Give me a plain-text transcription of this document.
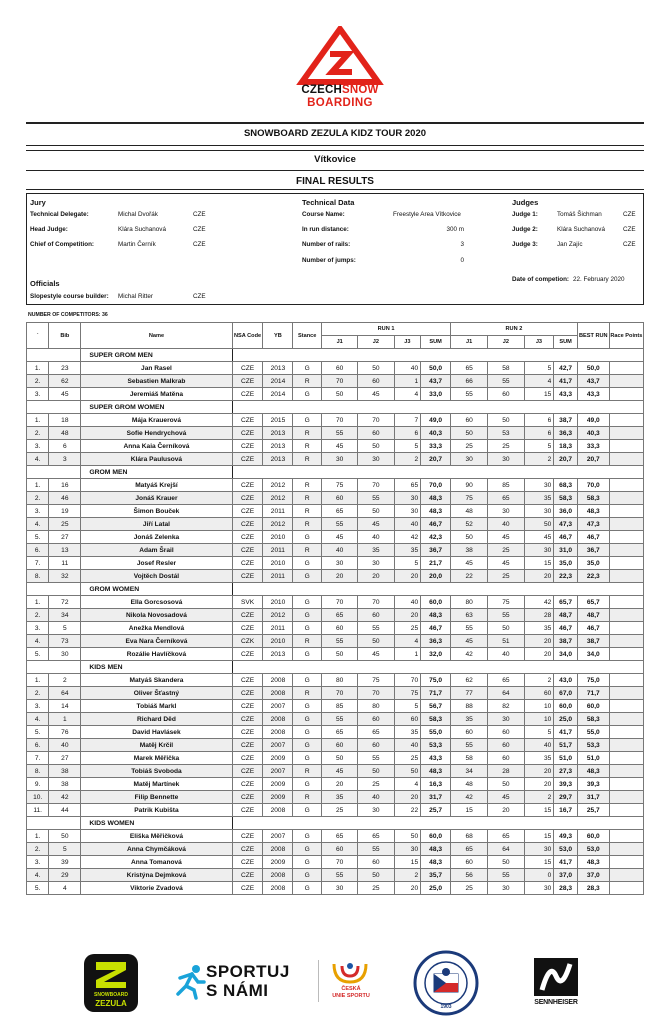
CZECHSNOW
BOARDING
SNOWBOARD ZEZULA KIDZ TOUR 2020
Vítkovice
FINAL RESULTS
Jury
Technical Delegate:	Michal Dvořák	CZE
Head Judge:	Klára Suchanová	CZE
Chief of Competition:	Martin Černík	CZE
Technical Data
Course Name:	Freestyle Area Vítkovice
In run distance:	300 m
Number of rails:	3
Number of jumps:	0
Judges
Judge 1:	Tomáš Šichman	CZE
Judge 2:	Klára Suchanová	CZE
Judge 3:	Jan Zajíc	CZE
Date of competion: 22. February 2020
Officials
Slopestyle course builder: Michal Ritter	CZE
NUMBER OF COMPETITORS: 36
`	Bib	Name	NSA Code	YB	Stance	RUN 1				RUN 2				BEST RUN	Race Points
						J1	J2	J3	SUM	J1	J2	J3	SUM		
		SUPER GROM MEN													
1.	23	Jan Rasel	CZE	2013	G	60	50	40	50,0	65	58	5	42,7	50,0	
2.	62	Sebastien Malkrab	CZE	2014	R	70	60	1	43,7	66	55	4	41,7	43,7	
3.	45	Jeremiáš Matěna	CZE	2014	G	50	45	4	33,0	55	60	15	43,3	43,3	
		SUPER GROM WOMEN													
1.	18	Mája Krauerová	CZE	2015	G	70	70	7	49,0	60	50	6	38,7	49,0	
2.	48	Sofie Hendrychová	CZE	2013	R	55	60	6	40,3	50	53	6	36,3	40,3	
3.	6	Anna Kaia Černíková	CZE	2013	R	45	50	5	33,3	25	25	5	18,3	33,3	
4.	3	Klára Paulusová	CZE	2013	R	30	30	2	20,7	30	30	2	20,7	20,7	
		GROM MEN													
1.	16	Matyáš Krejší	CZE	2012	R	75	70	65	70,0	90	85	30	68,3	70,0	
2.	46	Jonáš Krauer	CZE	2012	R	60	55	30	48,3	75	65	35	58,3	58,3	
3.	19	Šimon Bouček	CZE	2011	R	65	50	30	48,3	48	30	30	36,0	48,3	
4.	25	Jiří Latal	CZE	2012	R	55	45	40	46,7	52	40	50	47,3	47,3	
5.	27	Jonáš Zelenka	CZE	2010	G	45	40	42	42,3	50	45	45	46,7	46,7	
6.	13	Adam Šrail	CZE	2011	R	40	35	35	36,7	38	25	30	31,0	36,7	
7.	11	Josef Resler	CZE	2010	G	30	30	5	21,7	45	45	15	35,0	35,0	
8.	32	Vojtěch Dostál	CZE	2011	G	20	20	20	20,0	22	25	20	22,3	22,3	
		GROM WOMEN													
1.	72	Ella Gorcsosová	SVK	2010	G	70	70	40	60,0	80	75	42	65,7	65,7	
2.	34	Nikola Novosadová	CZE	2012	G	65	60	20	48,3	63	55	28	48,7	48,7	
3.	5	Anežka Mendlová	CZE	2011	G	60	55	25	46,7	55	50	35	46,7	46,7	
4.	73	Eva Nara Černíková	CZK	2010	R	55	50	4	36,3	45	51	20	38,7	38,7	
5.	30	Rozálie Havlíčková	CZE	2013	G	50	45	1	32,0	42	40	20	34,0	34,0	
		KIDS MEN													
1.	2	Matyáš Skandera	CZE	2008	G	80	75	70	75,0	62	65	2	43,0	75,0	
2.	64	Oliver Šťastný	CZE	2008	R	70	70	75	71,7	77	64	60	67,0	71,7	
3.	14	Tobiáš Markl	CZE	2007	G	85	80	5	56,7	88	82	10	60,0	60,0	
4.	1	Richard Děd	CZE	2008	G	55	60	60	58,3	35	30	10	25,0	58,3	
5.	76	David Havlásek	CZE	2008	G	65	65	35	55,0	60	60	5	41,7	55,0	
6.	40	Matěj Krčil	CZE	2007	G	60	60	40	53,3	55	60	40	51,7	53,3	
7.	27	Marek Měřička	CZE	2009	G	50	55	25	43,3	58	60	35	51,0	51,0	
8.	38	Tobiáš Svoboda	CZE	2007	R	45	50	50	48,3	34	28	20	27,3	48,3	
9.	38	Matěj Martínek	CZE	2009	G	20	25	4	16,3	48	50	20	39,3	39,3	
10.	42	Filip Bennette	CZE	2009	R	35	40	20	31,7	42	45	2	29,7	31,7	
11.	44	Patrik Kubišta	CZE	2008	G	25	30	22	25,7	15	20	15	16,7	25,7	
		KIDS WOMEN													
1.	50	Eliška Měřičková	CZE	2007	G	65	65	50	60,0	68	65	15	49,3	60,0	
2.	5	Anna Chymčáková	CZE	2008	G	60	55	30	48,3	65	64	30	53,0	53,0	
3.	39	Anna Tomanová	CZE	2009	G	70	60	15	48,3	60	50	15	41,7	48,3	
4.	29	Kristýna Dejmková	CZE	2008	G	55	50	2	35,7	56	55	0	37,0	37,0	
5.	4	Viktorie Zvadová	CZE	2008	G	30	25	20	25,0	25	30	30	28,3	28,3	
SNOWBOARD
ZEZULA
SPORTUJ
S NÁMI	ČESKÁ
UNIE SPORTU
1903
SENNHEISER
